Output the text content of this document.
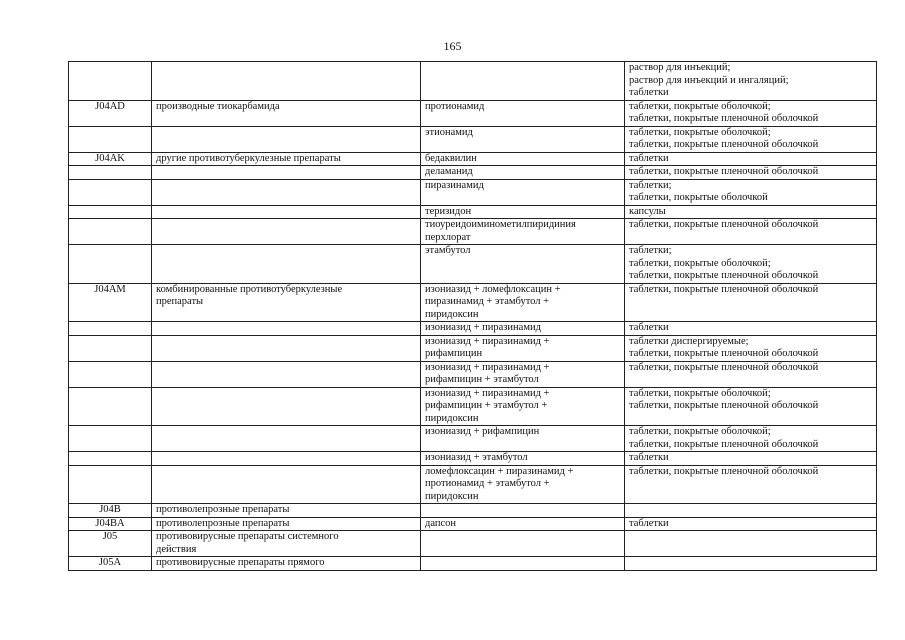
165

			раствор для инъекций;
раствор для инъекций и ингаляций;
таблетки

J04AD	производные тиокарбамида	протионамид	таблетки, покрытые оболочкой;
таблетки, покрытые пленочной оболочкой

		этионамид	таблетки, покрытые оболочкой;
таблетки, покрытые пленочной оболочкой

J04AK	другие противотуберкулезные препараты	бедаквилин	таблетки

		деламанид	таблетки, покрытые пленочной оболочкой

		пиразинамид	таблетки;
таблетки, покрытые оболочкой

		теризидон	капсулы

		тиоуреидоиминометилпиридиния
перхлорат	таблетки, покрытые пленочной оболочкой

		этамбутол	таблетки;
таблетки, покрытые оболочкой;
таблетки, покрытые пленочной оболочкой

J04AM	комбинированные противотуберкулезные
препараты	изониазид + ломефлоксацин +
пиразинамид + этамбутол +
пиридоксин	таблетки, покрытые пленочной оболочкой

		изониазид + пиразинамид	таблетки

		изониазид + пиразинамид +
рифампицин	таблетки диспергируемые;
таблетки, покрытые пленочной оболочкой

		изониазид + пиразинамид +
рифампицин + этамбутол	таблетки, покрытые пленочной оболочкой

		изониазид + пиразинамид +
рифампицин + этамбутол +
пиридоксин	таблетки, покрытые оболочкой;
таблетки, покрытые пленочной оболочкой

		изониазид + рифампицин	таблетки, покрытые оболочкой;
таблетки, покрытые пленочной оболочкой

		изониазид + этамбутол	таблетки

		ломефлоксацин + пиразинамид +
протионамид + этамбутол +
пиридоксин	таблетки, покрытые пленочной оболочкой

J04B	противолепрозные препараты		

J04BA	противолепрозные препараты	дапсон	таблетки

J05	противовирусные препараты системного
действия		

J05A	противовирусные препараты прямого		
